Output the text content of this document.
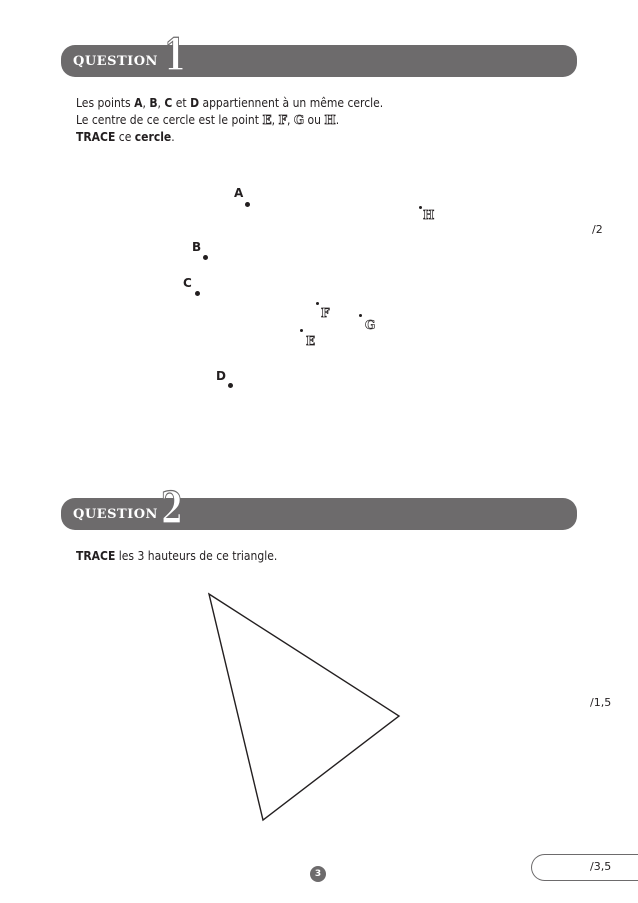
QUESTION 1
Les points A, B, C et D appartiennent à un même cercle.
Le centre de ce cercle est le point E, F, G ou H.
TRACE ce cercle.
A
B
C
D
H
F
G
E
/2
QUESTION 2
TRACE les 3 hauteurs de ce triangle.
/1,5
3
/3,5
